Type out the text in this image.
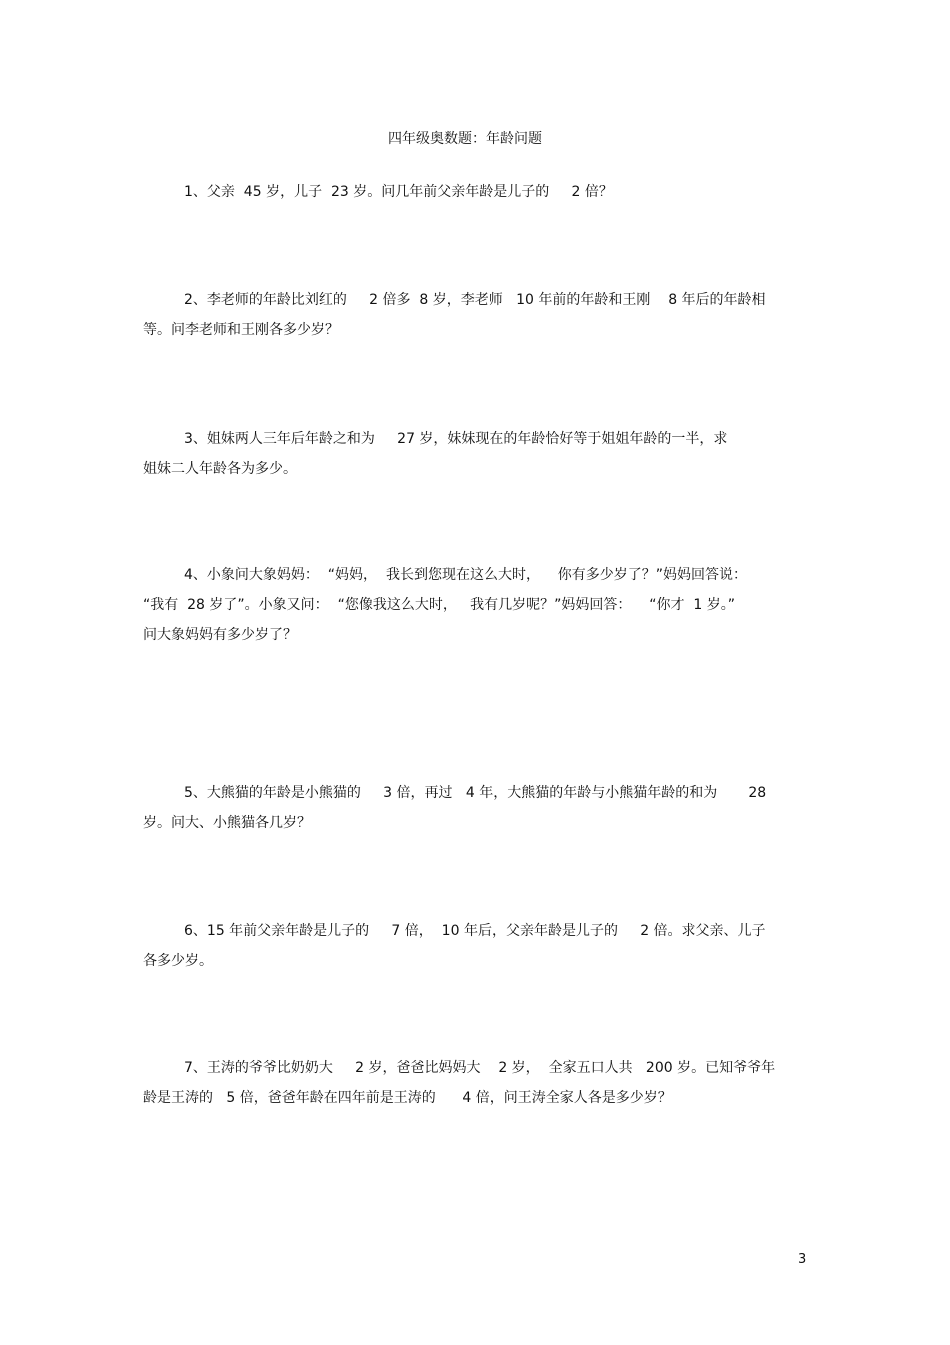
四年级奥数题：年龄问题
1、父亲  45 岁，儿子  23 岁。问几年前父亲年龄是儿子的     2 倍？
2、李老师的年龄比刘红的     2 倍多  8 岁，李老师   10 年前的年龄和王刚    8 年后的年龄相
等。问李老师和王刚各多少岁？
3、姐妹两人三年后年龄之和为     27 岁，妹妹现在的年龄恰好等于姐姐年龄的一半，求
姐妹二人年龄各为多少。
4、小象问大象妈妈：  “妈妈，  我长到您现在这么大时，    你有多少岁了？”妈妈回答说：
“我有  28 岁了”。小象又问：  “您像我这么大时，   我有几岁呢？”妈妈回答：    “你才  1 岁。”
问大象妈妈有多少岁了？
5、大熊猫的年龄是小熊猫的     3 倍，再过   4 年，大熊猫的年龄与小熊猫年龄的和为       28
岁。问大、小熊猫各几岁？
6、15 年前父亲年龄是儿子的     7 倍，  10 年后，父亲年龄是儿子的     2 倍。求父亲、儿子
各多少岁。
7、王涛的爷爷比奶奶大     2 岁，爸爸比妈妈大    2 岁，  全家五口人共   200 岁。已知爷爷年
龄是王涛的   5 倍，爸爸年龄在四年前是王涛的      4 倍，问王涛全家人各是多少岁？
3
